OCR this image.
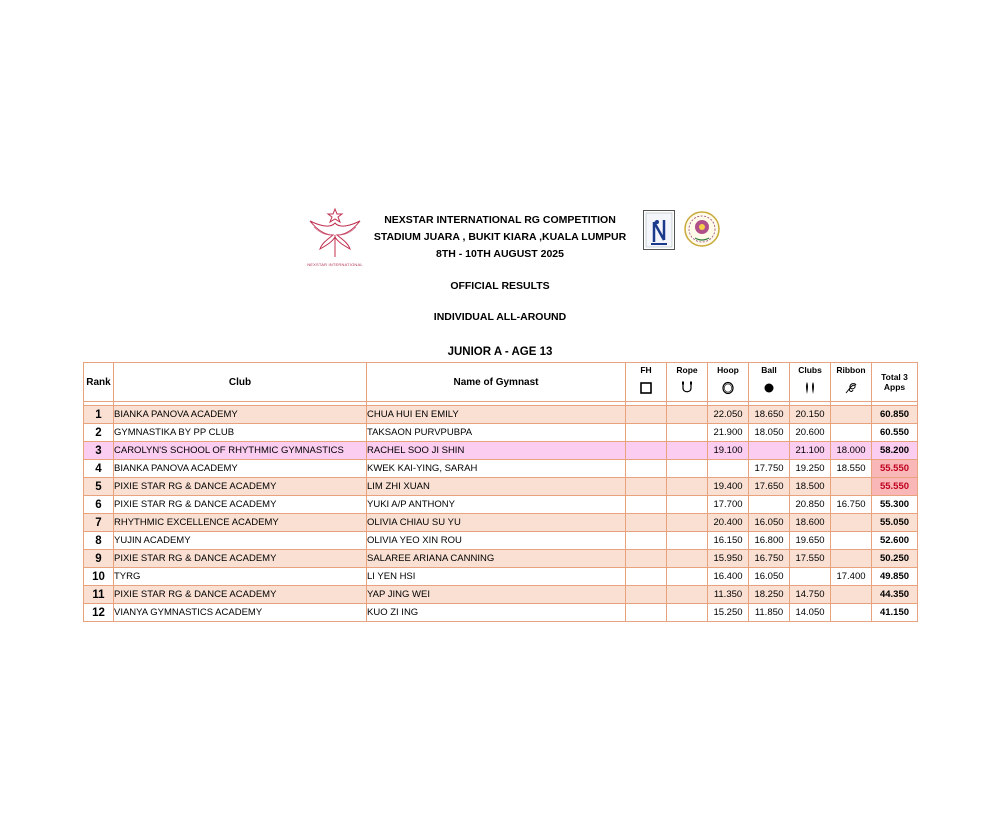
NEXSTAR INTERNATIONAL
NEXSTAR INTERNATIONAL RG COMPETITION
STADIUM JUARA , BUKIT KIARA ,KUALA LUMPUR
8TH - 10TH AUGUST 2025
OFFICIAL RESULTS
INDIVIDUAL ALL-AROUND
JUNIOR A - AGE 13
Rank	Club	Name of Gymnast	FH	Rope	Hoop	Ball	Clubs	Ribbon	Total 3
Apps

1	BIANKA PANOVA ACADEMY	CHUA HUI EN EMILY			22.050	18.650	20.150		60.850
2	GYMNASTIKA BY PP CLUB	TAKSAON PURVPUBPA			21.900	18.050	20.600		60.550
3	CAROLYN'S SCHOOL OF RHYTHMIC GYMNASTICS	RACHEL SOO JI SHIN			19.100		21.100	18.000	58.200
4	BIANKA PANOVA ACADEMY	KWEK KAI-YING, SARAH				17.750	19.250	18.550	55.550
5	PIXIE STAR RG & DANCE ACADEMY	LIM ZHI XUAN			19.400	17.650	18.500		55.550
6	PIXIE STAR RG & DANCE ACADEMY	YUKI A/P ANTHONY			17.700		20.850	16.750	55.300
7	RHYTHMIC EXCELLENCE ACADEMY	OLIVIA CHIAU SU YU			20.400	16.050	18.600		55.050
8	YUJIN ACADEMY	OLIVIA YEO XIN ROU			16.150	16.800	19.650		52.600
9	PIXIE STAR RG & DANCE ACADEMY	SALAREE ARIANA CANNING			15.950	16.750	17.550		50.250
10	TYRG	LI YEN HSI			16.400	16.050		17.400	49.850
11	PIXIE STAR RG & DANCE ACADEMY	YAP JING WEI			11.350	18.250	14.750		44.350
12	VIANYA GYMNASTICS ACADEMY	KUO ZI ING			15.250	11.850	14.050		41.150
